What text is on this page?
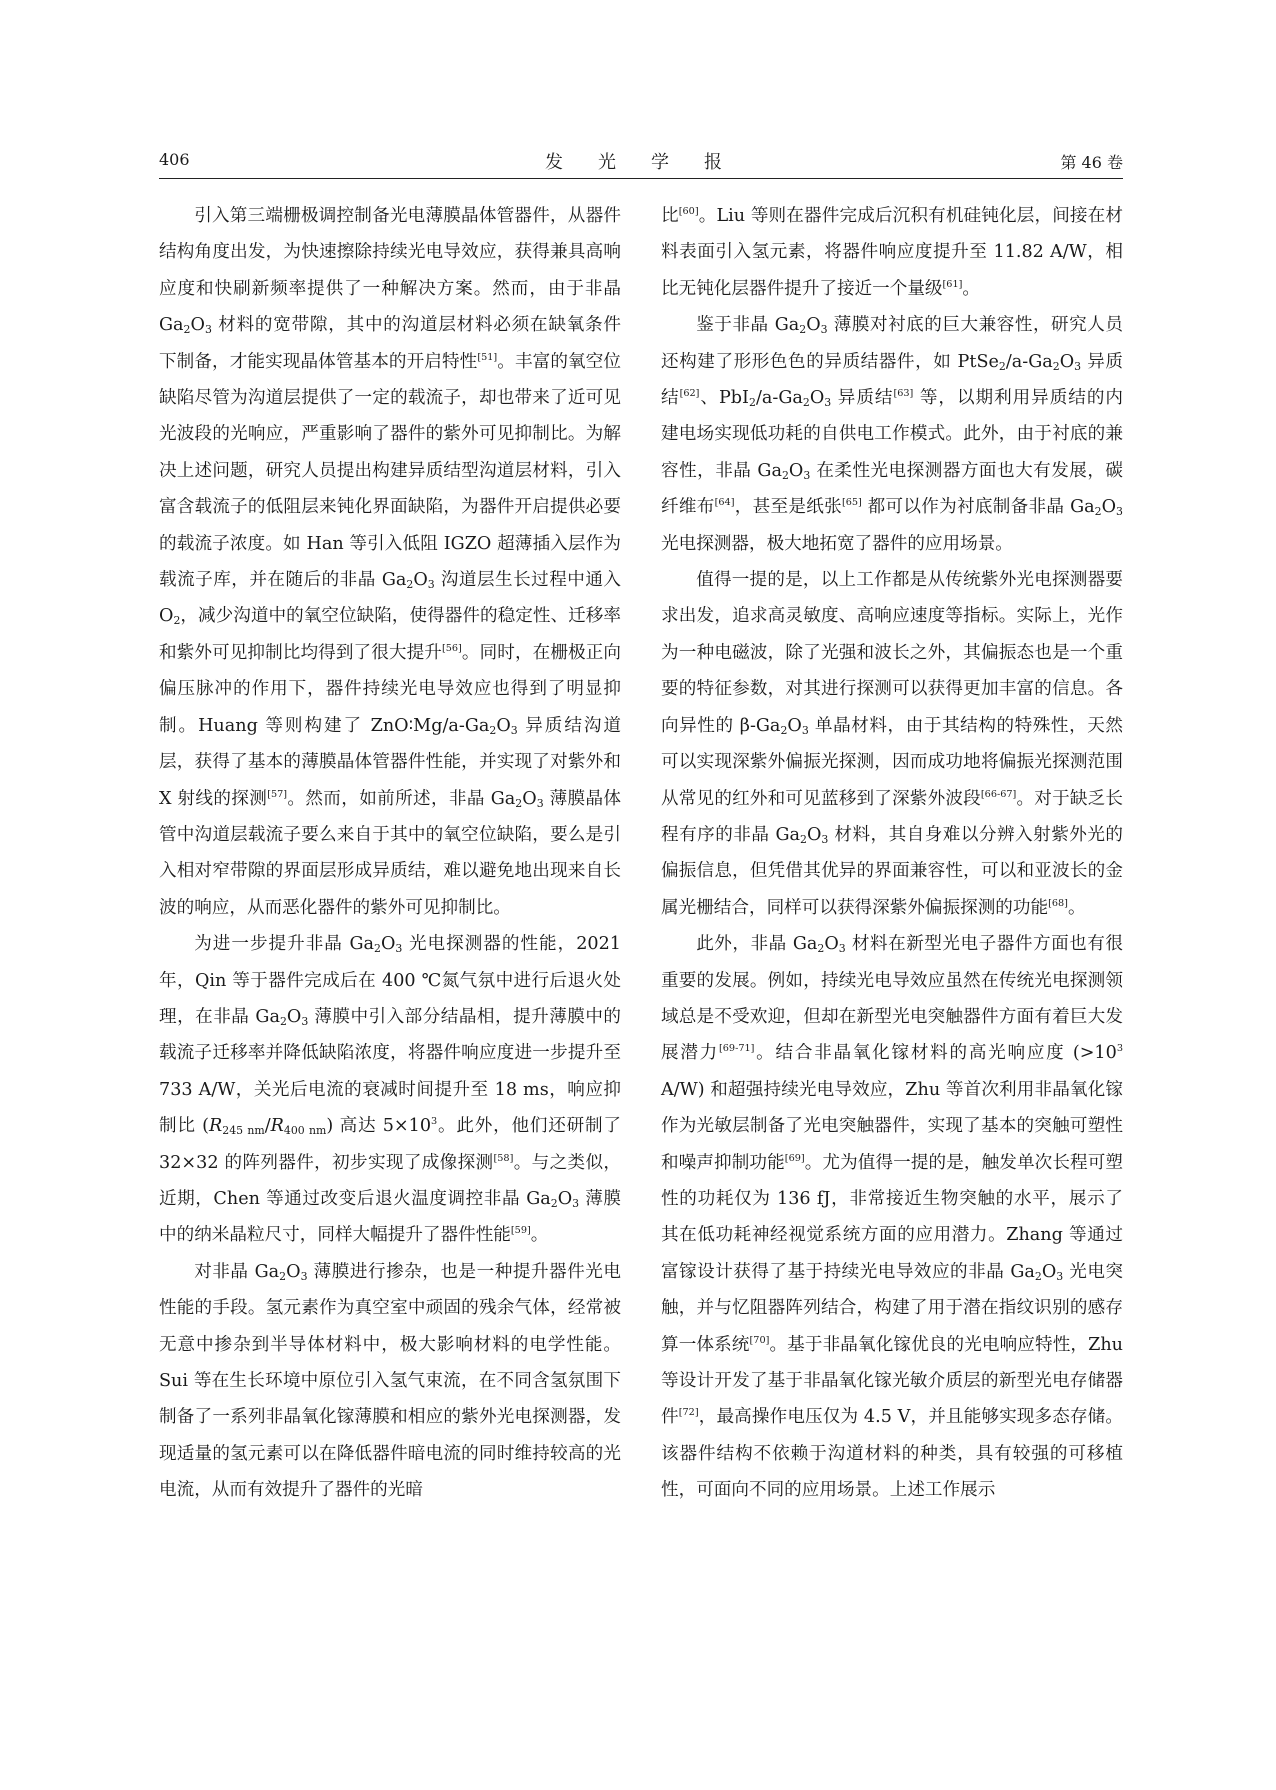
406	发光学报	第 46 卷

引入第三端栅极调控制备光电薄膜晶体管器件，从器件结构角度出发，为快速擦除持续光电导效应，获得兼具高响应度和快刷新频率提供了一种解决方案。然而，由于非晶 $Ga_2O_3$ 材料的宽带隙，其中的沟道层材料必须在缺氧条件下制备，才能实现晶体管基本的开启特性[51]。丰富的氧空位缺陷尽管为沟道层提供了一定的载流子，却也带来了近可见光波段的光响应，严重影响了器件的紫外可见抑制比。为解决上述问题，研究人员提出构建异质结型沟道层材料，引入富含载流子的低阻层来钝化界面缺陷，为器件开启提供必要的载流子浓度。如 Han 等引入低阻 IGZO 超薄插入层作为载流子库，并在随后的非晶 $Ga_2O_3$ 沟道层生长过程中通入 $O_2$，减少沟道中的氧空位缺陷，使得器件的稳定性、迁移率和紫外可见抑制比均得到了很大提升[56]。同时，在栅极正向偏压脉冲的作用下，器件持续光电导效应也得到了明显抑制。Huang 等则构建了 $ZnO∶Mg/a-Ga_2O_3$ 异质结沟道层，获得了基本的薄膜晶体管器件性能，并实现了对紫外和 X 射线的探测[57]。然而，如前所述，非晶 $Ga_2O_3$ 薄膜晶体管中沟道层载流子要么来自于其中的氧空位缺陷，要么是引入相对窄带隙的界面层形成异质结，难以避免地出现来自长波的响应，从而恶化器件的紫外可见抑制比。

为进一步提升非晶 $Ga_2O_3$ 光电探测器的性能，2021 年，Qin 等于器件完成后在 400 ℃氮气氛中进行后退火处理，在非晶 $Ga_2O_3$ 薄膜中引入部分结晶相，提升薄膜中的载流子迁移率并降低缺陷浓度，将器件响应度进一步提升至 733 A/W，关光后电流的衰减时间提升至 18 ms，响应抑制比 $(R_{245 nm}/R_{400 nm})$ 高达 $5\times 10^3$。此外，他们还研制了 32×32 的阵列器件，初步实现了成像探测[58]。与之类似，近期，Chen 等通过改变后退火温度调控非晶 $Ga_2O_3$ 薄膜中的纳米晶粒尺寸，同样大幅提升了器件性能[59]。

对非晶 $Ga_2O_3$ 薄膜进行掺杂，也是一种提升器件光电性能的手段。氢元素作为真空室中顽固的残余气体，经常被无意中掺杂到半导体材料中，极大影响材料的电学性能。Sui 等在生长环境中原位引入氢气束流，在不同含氢氛围下制备了一系列非晶氧化镓薄膜和相应的紫外光电探测器，发现适量的氢元素可以在降低器件暗电流的同时维持较高的光电流，从而有效提升了器件的光暗

比[60]。Liu 等则在器件完成后沉积有机硅钝化层，间接在材料表面引入氢元素，将器件响应度提升至 11.82 A/W，相比无钝化层器件提升了接近一个量级[61]。

鉴于非晶 $Ga_2O_3$ 薄膜对衬底的巨大兼容性，研究人员还构建了形形色色的异质结器件，如 $PtSe_2/a-Ga_2O_3$ 异质结[62]、$PbI_2/a-Ga_2O_3$ 异质结[63] 等，以期利用异质结的内建电场实现低功耗的自供电工作模式。此外，由于衬底的兼容性，非晶 $Ga_2O_3$ 在柔性光电探测器方面也大有发展，碳纤维布[64]，甚至是纸张[65] 都可以作为衬底制备非晶 $Ga_2O_3$ 光电探测器，极大地拓宽了器件的应用场景。

值得一提的是，以上工作都是从传统紫外光电探测器要求出发，追求高灵敏度、高响应速度等指标。实际上，光作为一种电磁波，除了光强和波长之外，其偏振态也是一个重要的特征参数，对其进行探测可以获得更加丰富的信息。各向异性的 $\beta-Ga_2O_3$ 单晶材料，由于其结构的特殊性，天然可以实现深紫外偏振光探测，因而成功地将偏振光探测范围从常见的红外和可见蓝移到了深紫外波段[66-67]。对于缺乏长程有序的非晶 $Ga_2O_3$ 材料，其自身难以分辨入射紫外光的偏振信息，但凭借其优异的界面兼容性，可以和亚波长的金属光栅结合，同样可以获得深紫外偏振探测的功能[68]。

此外，非晶 $Ga_2O_3$ 材料在新型光电子器件方面也有很重要的发展。例如，持续光电导效应虽然在传统光电探测领域总是不受欢迎，但却在新型光电突触器件方面有着巨大发展潜力[69-71]。结合非晶氧化镓材料的高光响应度 ($>10^3$ A/W) 和超强持续光电导效应，Zhu 等首次利用非晶氧化镓作为光敏层制备了光电突触器件，实现了基本的突触可塑性和噪声抑制功能[69]。尤为值得一提的是，触发单次长程可塑性的功耗仅为 136 fJ，非常接近生物突触的水平，展示了其在低功耗神经视觉系统方面的应用潜力。Zhang 等通过富镓设计获得了基于持续光电导效应的非晶 $Ga_2O_3$ 光电突触，并与忆阻器阵列结合，构建了用于潜在指纹识别的感存算一体系统[70]。基于非晶氧化镓优良的光电响应特性，Zhu 等设计开发了基于非晶氧化镓光敏介质层的新型光电存储器件[72]，最高操作电压仅为 4.5 V，并且能够实现多态存储。该器件结构不依赖于沟道材料的种类，具有较强的可移植性，可面向不同的应用场景。上述工作展示
